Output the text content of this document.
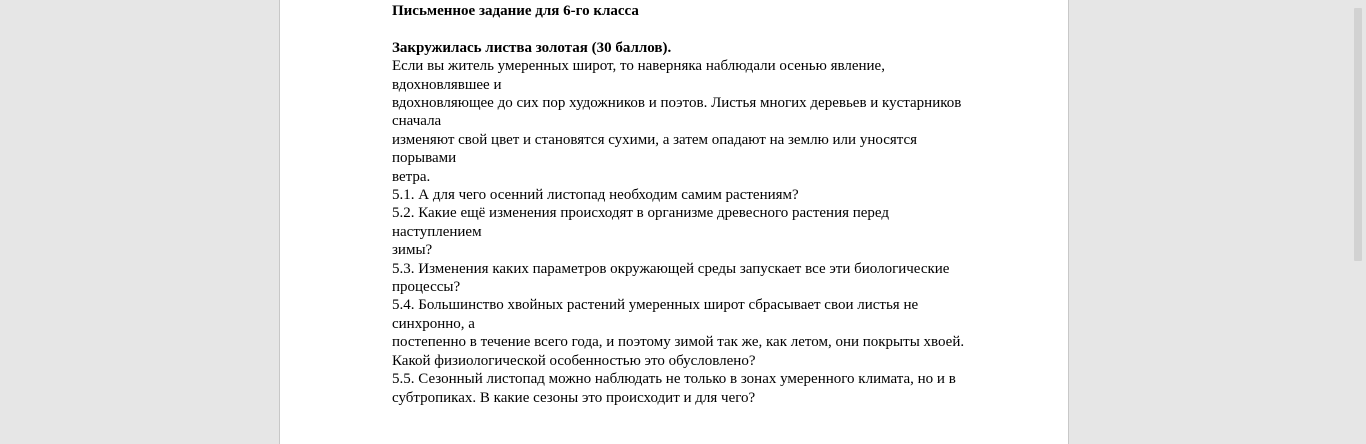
Письменное задание для 6-го класса
Закружилась листва золотая (30 баллов).
Если вы житель умеренных широт, то наверняка наблюдали осенью явление,
вдохновлявшее и
вдохновляющее до сих пор художников и поэтов. Листья многих деревьев и кустарников
сначала
изменяют свой цвет и становятся сухими, а затем опадают на землю или уносятся
порывами
ветра.
5.1. А для чего осенний листопад необходим самим растениям?
5.2. Какие ещё изменения происходят в организме древесного растения перед
наступлением
зимы?
5.3. Изменения каких параметров окружающей среды запускает все эти биологические
процессы?
5.4. Большинство хвойных растений умеренных широт сбрасывает свои листья не
синхронно, а
постепенно в течение всего года, и поэтому зимой так же, как летом, они покрыты хвоей.
Какой физиологической особенностью это обусловлено?
5.5. Сезонный листопад можно наблюдать не только в зонах умеренного климата, но и в
субтропиках. В какие сезоны это происходит и для чего?
